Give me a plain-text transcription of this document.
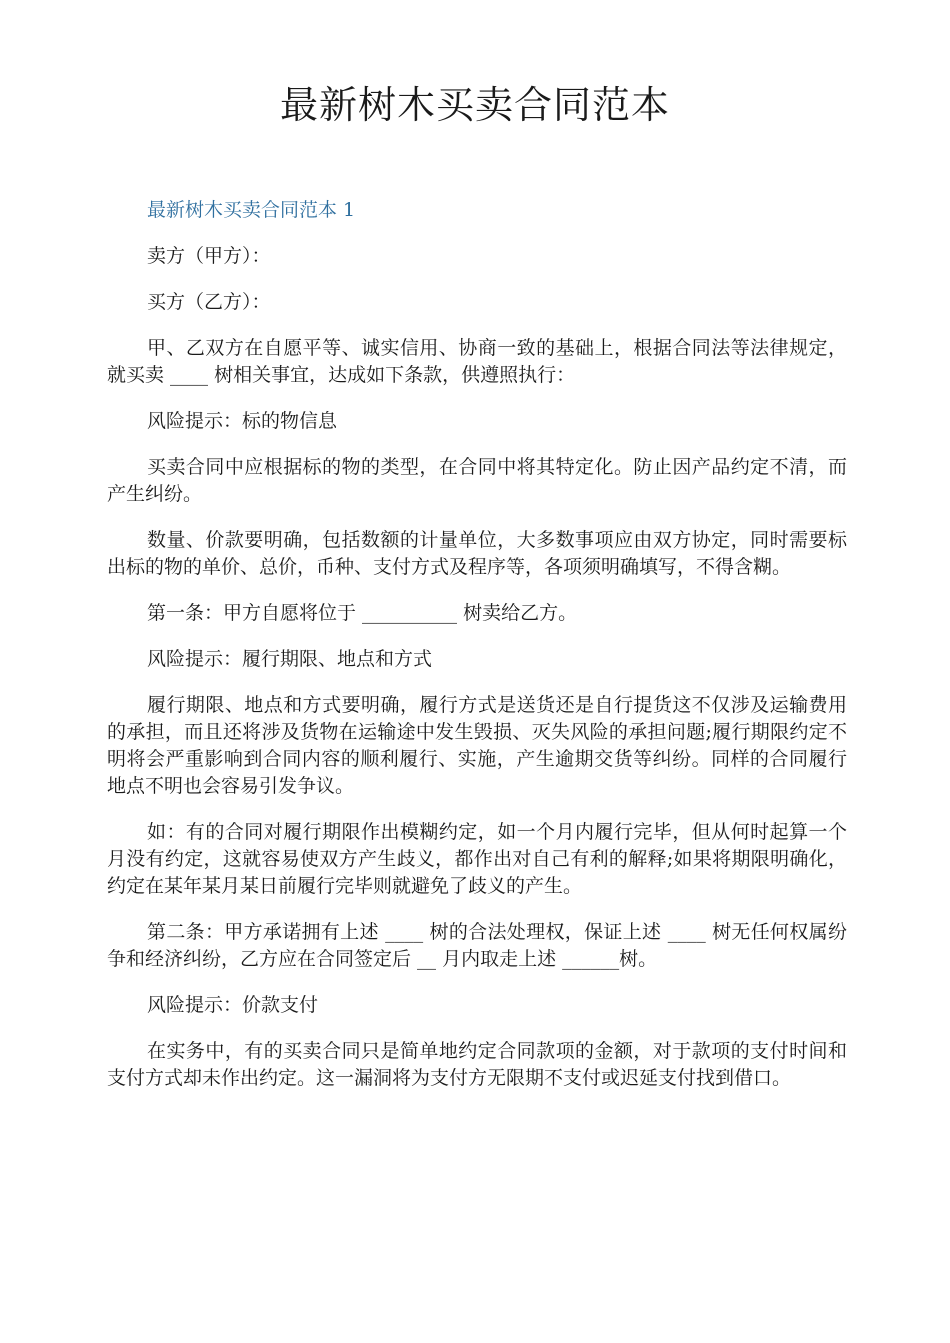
最新树木买卖合同范本

最新树木买卖合同范本 1

卖方（甲方）：

买方（乙方）：

甲、乙双方在自愿平等、诚实信用、协商一致的基础上，根据合同法等法律规定，就买卖 ____ 树相关事宜，达成如下条款，供遵照执行：

风险提示：标的物信息

买卖合同中应根据标的物的类型，在合同中将其特定化。防止因产品约定不清，而产生纠纷。

数量、价款要明确，包括数额的计量单位，大多数事项应由双方协定，同时需要标出标的物的单价、总价，币种、支付方式及程序等，各项须明确填写，不得含糊。

第一条：甲方自愿将位于 __________ 树卖给乙方。

风险提示：履行期限、地点和方式

履行期限、地点和方式要明确，履行方式是送货还是自行提货这不仅涉及运输费用的承担，而且还将涉及货物在运输途中发生毁损、灭失风险的承担问题;履行期限约定不明将会严重影响到合同内容的顺利履行、实施，产生逾期交货等纠纷。同样的合同履行地点不明也会容易引发争议。

如：有的合同对履行期限作出模糊约定，如一个月内履行完毕，但从何时起算一个月没有约定，这就容易使双方产生歧义，都作出对自己有利的解释;如果将期限明确化，约定在某年某月某日前履行完毕则就避免了歧义的产生。

第二条：甲方承诺拥有上述 ____ 树的合法处理权，保证上述 ____ 树无任何权属纷争和经济纠纷，乙方应在合同签定后 __ 月内取走上述 ______树。

风险提示：价款支付

在实务中，有的买卖合同只是简单地约定合同款项的金额，对于款项的支付时间和支付方式却未作出约定。这一漏洞将为支付方无限期不支付或迟延支付找到借口。
